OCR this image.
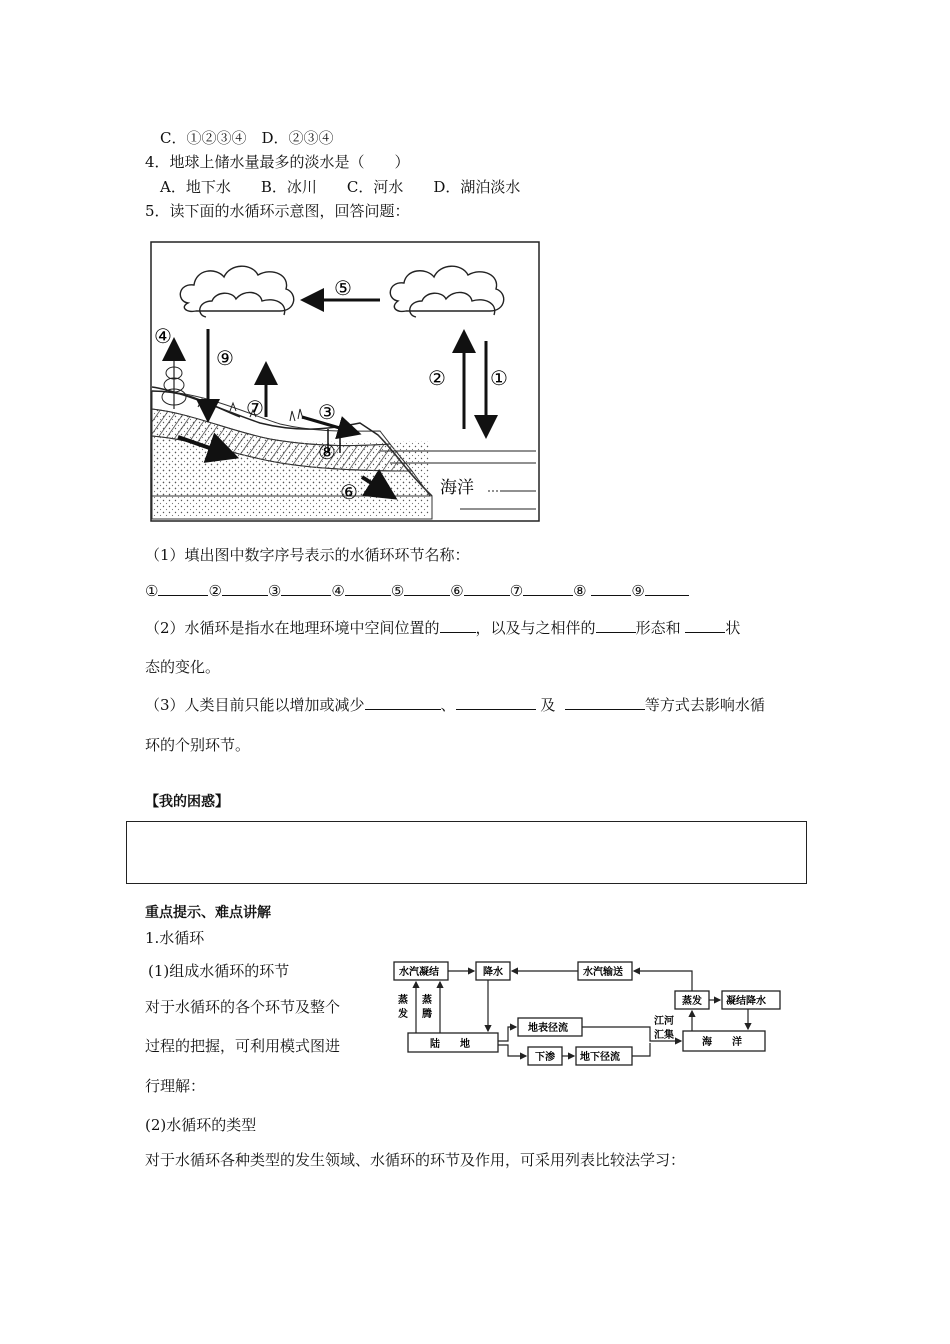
C．①②③④　D．②③④
4．地球上储水量最多的淡水是（　　）
A．地下水　　B．冰川　　C．河水　　D．湖泊淡水
5．读下面的水循环示意图，回答问题：
海洋
④
⑨
⑤
⑦	③
⑧
⑥
② ①
（1）填出图中数字序号表示的水循环环节名称：
①	②	③	④	⑤	⑥	⑦	⑧	⑨
（2）水循环是指水在地理环境中空间位置的 ，以及与之相伴的	形态和	状
态的变化。
（3）人类目前只能以增加或减少	、	及	等方式去影响水循
环的个别环节。
【我的困惑】
重点提示、难点讲解
1.水循环
(1)组成水循环的环节
对于水循环的各个环节及整个
过程的把握，可利用模式图进
行理解：
(2)水循环的类型
对于水循环各种类型的发生领域、水循环的环节及作用，可采用列表比较法学习：
水汽凝结	降水	水汽输送
蒸发 凝结降水
陆　　地
地表径流
下渗	地下径流
海　　洋
蒸
发
蒸
腾
江河
汇集
